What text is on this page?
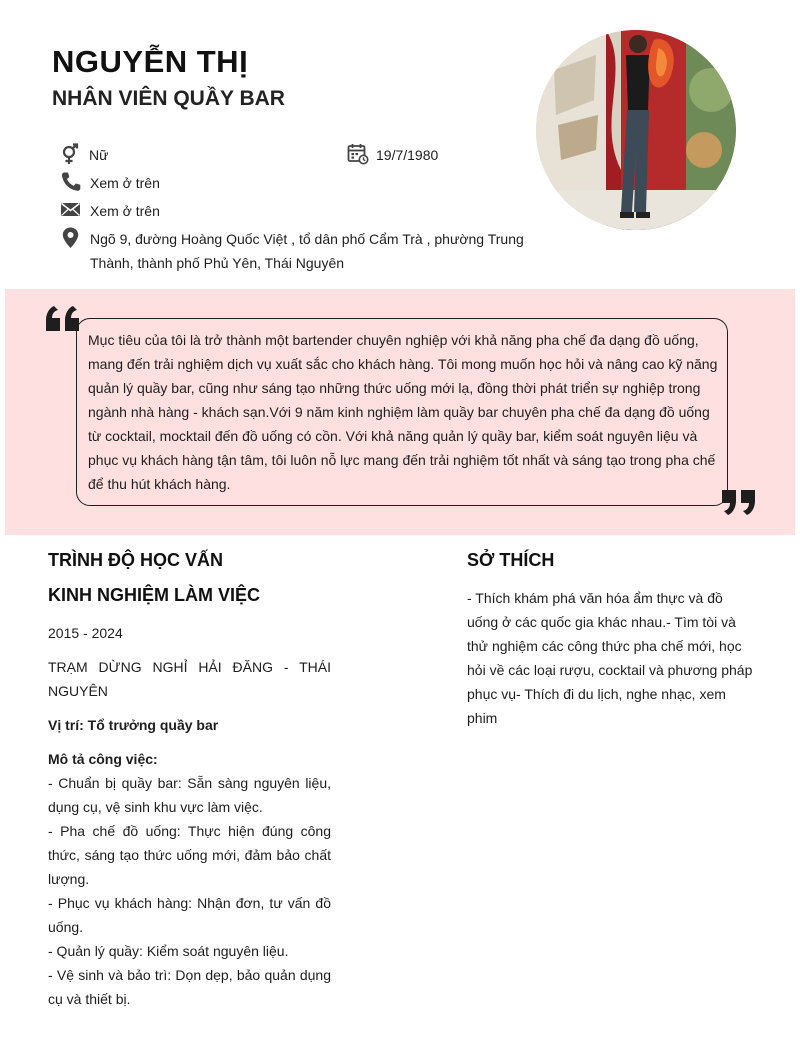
NGUYỄN THỊ
NHÂN VIÊN QUẦY BAR
Nữ	19/7/1980
Xem ở trên
Xem ở trên
Ngõ 9, đường Hoàng Quốc Việt , tổ dân phố Cẩm Trà , phường Trung
Thành, thành phố Phủ Yên, Thái Nguyên

Mục tiêu của tôi là trở thành một bartender chuyên nghiệp với khả năng pha chế đa dạng đồ uống, mang đến trải nghiệm dịch vụ xuất sắc cho khách hàng. Tôi mong muốn học hỏi và nâng cao kỹ năng quản lý quầy bar, cũng như sáng tạo những thức uống mới lạ, đồng thời phát triển sự nghiệp trong ngành nhà hàng - khách sạn.Với 9 năm kinh nghiệm làm quầy bar chuyên pha chế đa dạng đồ uống từ cocktail, mocktail đến đồ uống có cồn. Với khả năng quản lý quầy bar, kiểm soát nguyên liệu và phục vụ khách hàng tận tâm, tôi luôn nỗ lực mang đến trải nghiệm tốt nhất và sáng tạo trong pha chế để thu hút khách hàng.

TRÌNH ĐỘ HỌC VẤN
KINH NGHIỆM LÀM VIỆC
2015 - 2024
TRẠM DỪNG NGHỈ HẢI ĐĂNG - THÁI NGUYÊN
Vị trí: Tổ trưởng quầy bar
Mô tả công việc:
- Chuẩn bị quầy bar: Sẵn sàng nguyên liệu, dụng cụ, vệ sinh khu vực làm việc.
- Pha chế đồ uống: Thực hiện đúng công thức, sáng tạo thức uống mới, đảm bảo chất lượng.
- Phục vụ khách hàng: Nhận đơn, tư vấn đồ uống.
- Quản lý quầy: Kiểm soát nguyên liệu.
- Vệ sinh và bảo trì: Dọn dẹp, bảo quản dụng cụ và thiết bị.
SỞ THÍCH

- Thích khám phá văn hóa ẩm thực và đồ uống ở các quốc gia khác nhau.- Tìm tòi và thử nghiệm các công thức pha chế mới, học hỏi về các loại rượu, cocktail và phương pháp phục vụ- Thích đi du lịch, nghe nhạc, xem phim
